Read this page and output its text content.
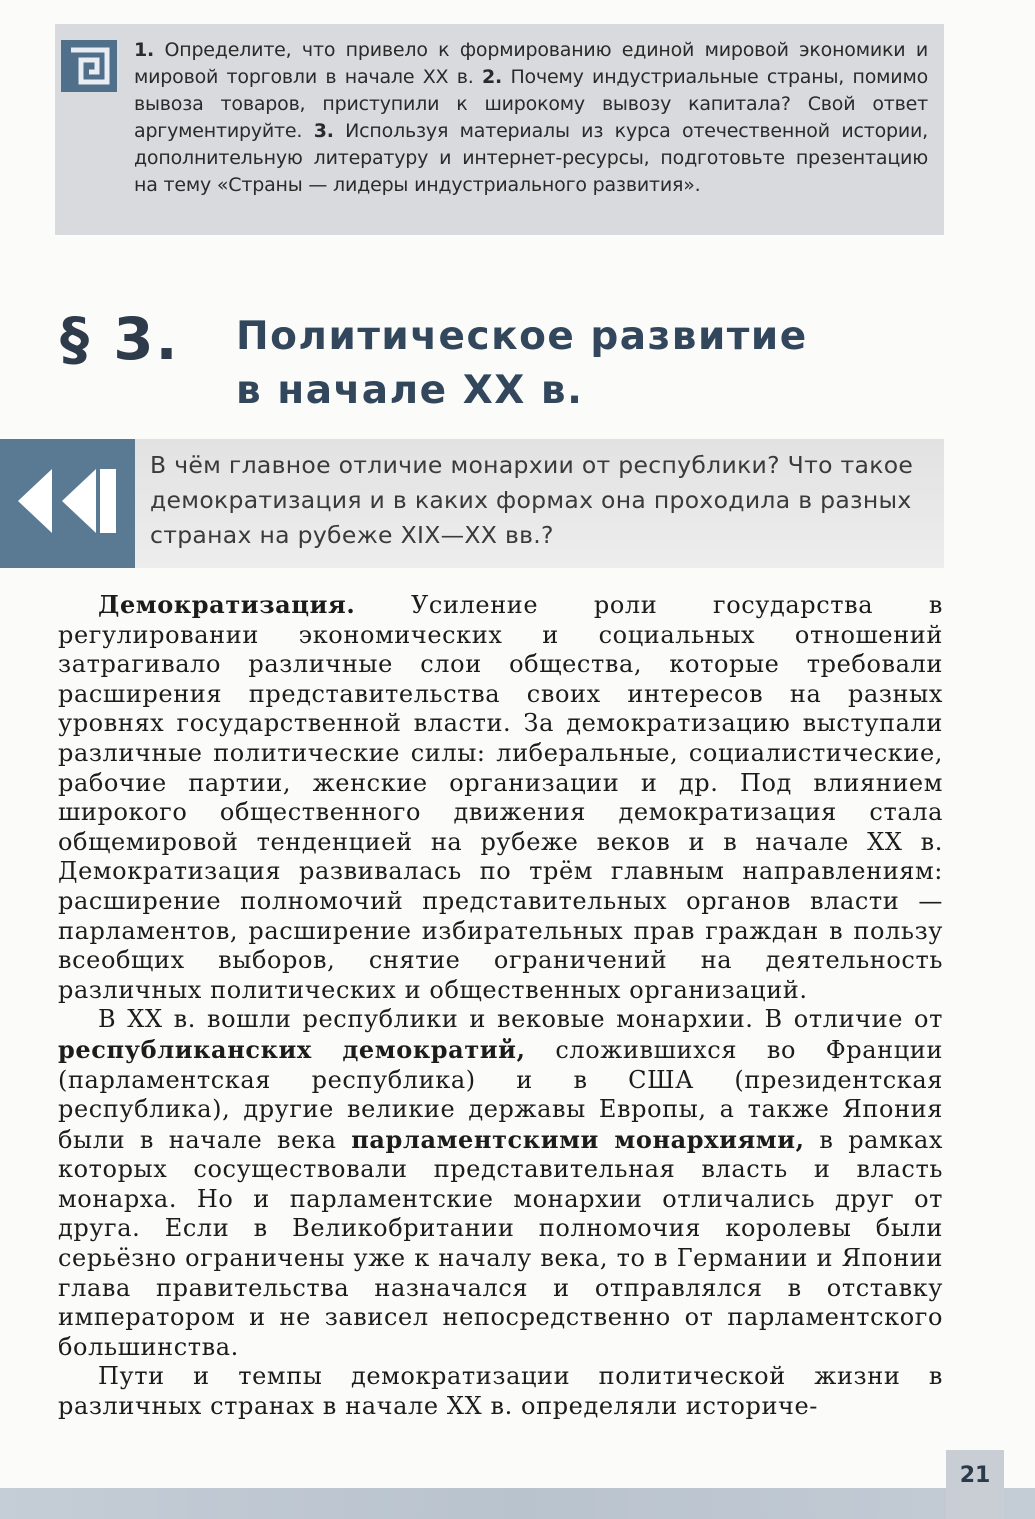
1. Определите, что привело к формированию единой мировой экономики и мировой торговли в начале XX в. 2. Почему индустриальные страны, помимо вывоза товаров, приступили к широкому вывозу капитала? Свой ответ аргументируйте. 3. Используя материалы из курса отечественной истории, дополнительную литературу и интернет-ресурсы, подготовьте презентацию на тему «Страны — лидеры индустриального развития».
§ 3. Политическое развитие
в начале XX в.
В чём главное отличие монархии от республики? Что такое демократизация и в каких формах она проходила в разных странах на рубеже XIX—XX вв.?

Демократизация. Усиление роли государства в регулировании экономических и социальных отношений затрагивало различные слои общества, которые требовали расширения представительства своих интересов на разных уровнях государственной власти. За демократизацию выступали различные политические силы: либеральные, социалистические, рабочие партии, женские организации и др. Под влиянием широкого общественного движения демократизация стала общемировой тенденцией на рубеже веков и в начале XX в. Демократизация развивалась по трём главным направлениям: расширение полномочий представительных органов власти — парламентов, расширение избирательных прав граждан в пользу всеобщих выборов, снятие ограничений на деятельность различных политических и общественных организаций.

В XX в. вошли республики и вековые монархии. В отличие от республиканских демократий, сложившихся во Франции (парламентская республика) и в США (президентская республика), другие великие державы Европы, а также Япония были в начале века парламентскими монархиями, в рамках которых сосуществовали представительная власть и власть монарха. Но и парламентские монархии отличались друг от друга. Если в Великобритании полномочия королевы были серьёзно ограничены уже к началу века, то в Германии и Японии глава правительства назначался и отправлялся в отставку императором и не зависел непосредственно от парламентского большинства.

Пути и темпы демократизации политической жизни в различных странах в начале XX в. определяли историче-

21
